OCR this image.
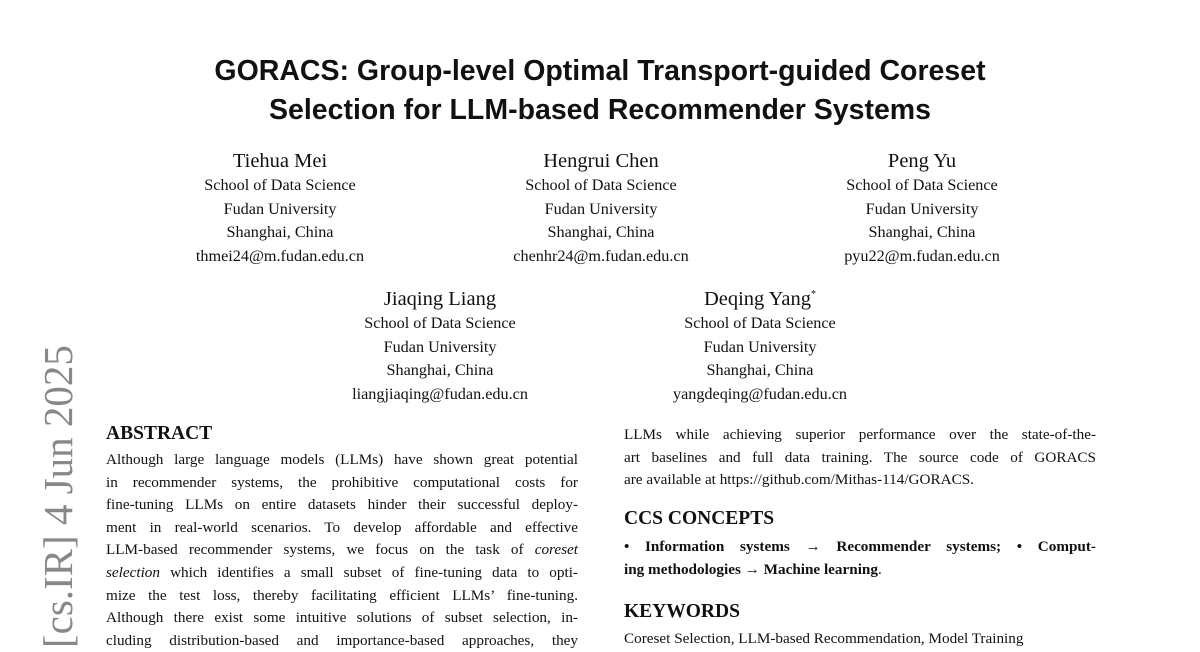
GORACS: Group-level Optimal Transport-guided Coreset
Selection for LLM-based Recommender Systems
Tiehua Mei
School of Data Science
Fudan University
Shanghai, China
thmei24@m.fudan.edu.cn
Hengrui Chen
School of Data Science
Fudan University
Shanghai, China
chenhr24@m.fudan.edu.cn
Peng Yu
School of Data Science
Fudan University
Shanghai, China
pyu22@m.fudan.edu.cn
Jiaqing Liang
School of Data Science
Fudan University
Shanghai, China
liangjiaqing@fudan.edu.cn
Deqing Yang*
School of Data Science
Fudan University
Shanghai, China
yangdeqing@fudan.edu.cn
[cs.IR] 4 Jun 2025 ABSTRACT
Although large language models (LLMs) have shown great potential
in recommender systems, the prohibitive computational costs for
fine-tuning LLMs on entire datasets hinder their successful deploy-
ment in real-world scenarios. To develop affordable and effective
LLM-based recommender systems, we focus on the task of coreset
selection which identifies a small subset of fine-tuning data to opti-
mize the test loss, thereby facilitating efficient LLMs’ fine-tuning.
Although there exist some intuitive solutions of subset selection, in-
cluding distribution-based and importance-based approaches, they
LLMs while achieving superior performance over the state-of-the-
art baselines and full data training. The source code of GORACS
are available at https://github.com/Mithas-114/GORACS.
CCS CONCEPTS
• Information systems → Recommender systems; • Comput-
ing methodologies → Machine learning.
KEYWORDS
Coreset Selection, LLM-based Recommendation, Model Training
